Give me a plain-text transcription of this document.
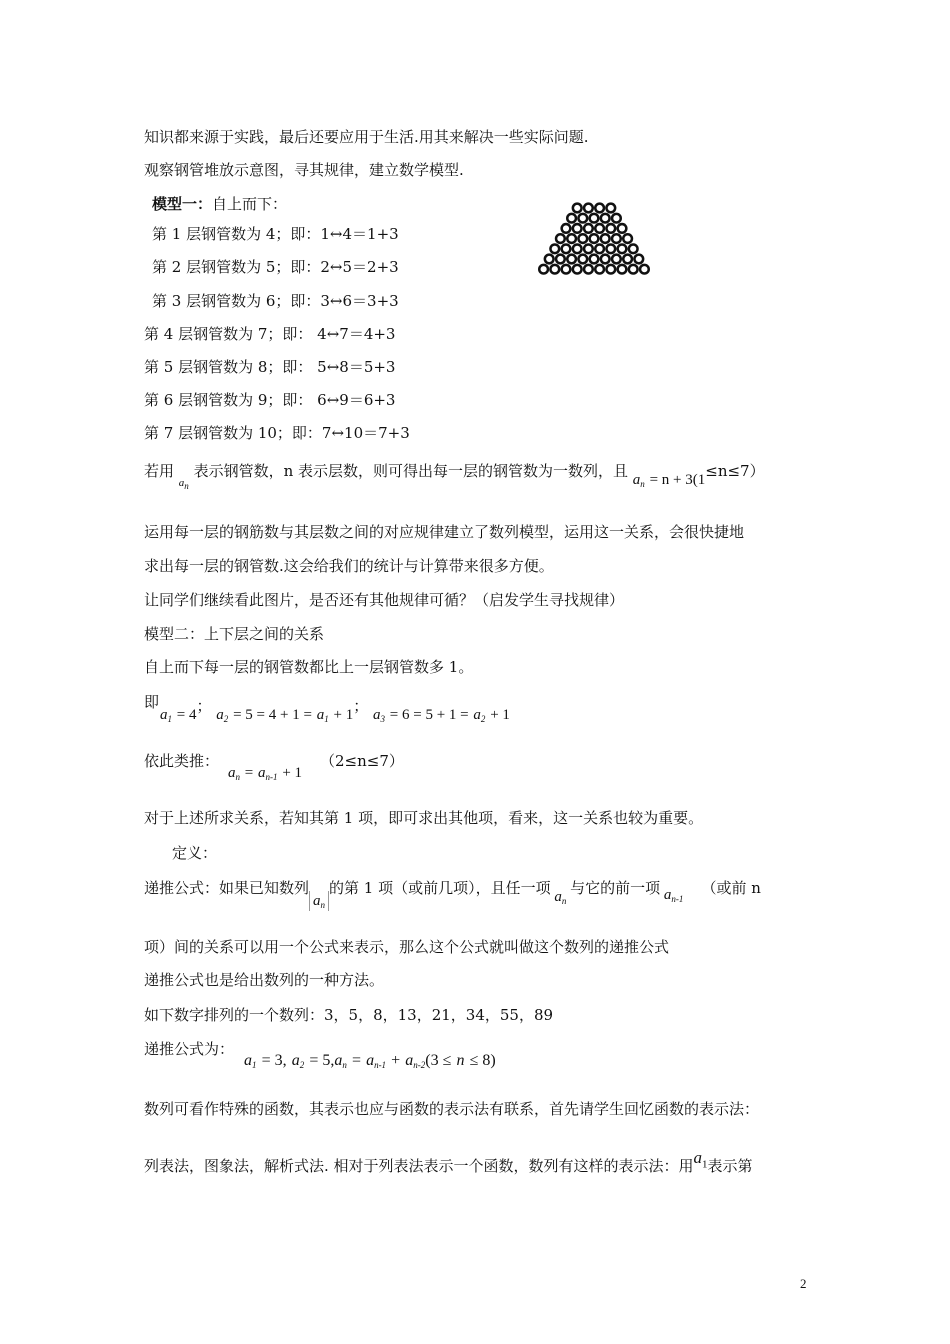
知识都来源于实践，最后还要应用于生活.用其来解决一些实际问题.
观察钢管堆放示意图，寻其规律，建立数学模型.
模型一：自上而下：
第 1 层钢管数为 4；即：1↔4＝1+3
第 2 层钢管数为 5；即：2↔5＝2+3
第 3 层钢管数为 6；即：3↔6＝3+3
第 4 层钢管数为 7；即： 4↔7＝4+3
第 5 层钢管数为 8；即： 5↔8＝5+3
第 6 层钢管数为 9；即： 6↔9＝6+3
第 7 层钢管数为 10；即：7↔10＝7+3
若用 $_{a_n}$ 表示钢管数，n 表示层数，则可得出每一层的钢管数为一数列，且 $a_n = n + 3(1\le n\le 7)$
运用每一层的钢筋数与其层数之间的对应规律建立了数列模型，运用这一关系，会很快捷地
求出每一层的钢管数.这会给我们的统计与计算带来很多方便。
让同学们继续看此图片，是否还有其他规律可循？（启发学生寻找规律）
模型二：上下层之间的关系
自上而下每一层的钢管数都比上一层钢管数多 1。
即
$a_1 = 4$； $a_2 = 5 = 4 + 1 = a_1 + 1$； $a_3 = 6 = 5 + 1 = a_2 + 1$
依此类推：
$a_n = a_{n-1} + 1$
（2≤n≤7）
对于上述所求关系，若知其第 1 项，即可求出其他项，看来，这一关系也较为重要。
定义：
递推公式：如果已知数列$a_n$的第 1 项（或前几项），且任一项 $a_n$ 与它的前一项 $a_{n-1}$    （或前 n
项）间的关系可以用一个公式来表示，那么这个公式就叫做这个数列的递推公式
递推公式也是给出数列的一种方法。
如下数字排列的一个数列：3，5，8，13，21，34，55，89
递推公式为：
$a_1 = 3$, $a_2 = 5,a_n = a_{n-1} + a_{n-2}(3 \le n \le 8)$
数列可看作特殊的函数，其表示也应与函数的表示法有联系，首先请学生回忆函数的表示法：
列表法，图象法，解析式法. 相对于列表法表示一个函数，数列有这样的表示法：用$a_1$表示第
2
